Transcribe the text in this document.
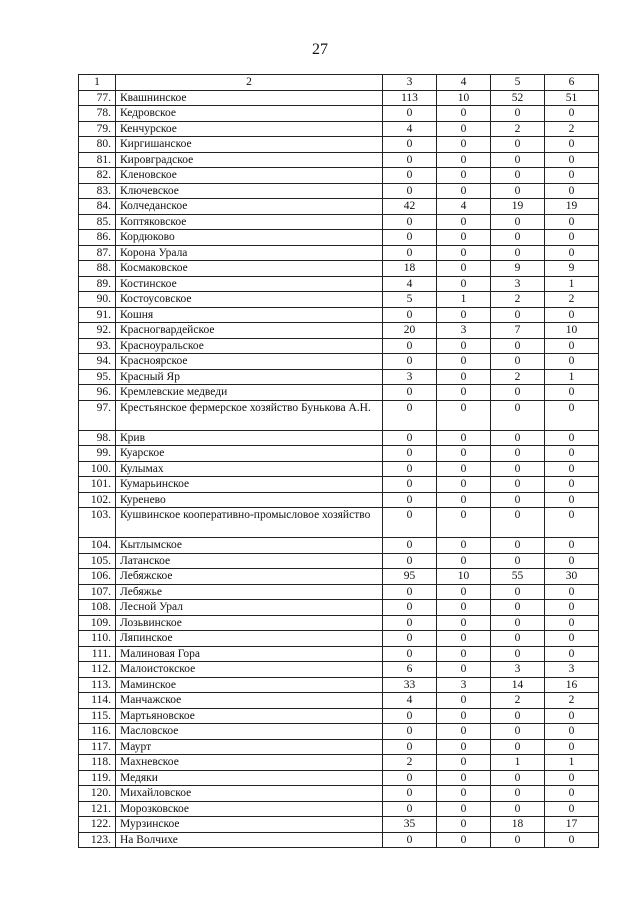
27
1	2	3	4	5	6
77.	Квашнинское	113	10	52	51
78.	Кедровское	0	0	0	0
79.	Кенчурское	4	0	2	2
80.	Киргишанское	0	0	0	0
81.	Кировградское	0	0	0	0
82.	Кленовское	0	0	0	0
83.	Ключевское	0	0	0	0
84.	Колчеданское	42	4	19	19
85.	Коптяковское	0	0	0	0
86.	Кордюково	0	0	0	0
87.	Корона Урала	0	0	0	0
88.	Космаковское	18	0	9	9
89.	Костинское	4	0	3	1
90.	Костоусовское	5	1	2	2
91.	Кошня	0	0	0	0
92.	Красногвардейское	20	3	7	10
93.	Красноуральское	0	0	0	0
94.	Красноярское	0	0	0	0
95.	Красный Яр	3	0	2	1
96.	Кремлевские медведи	0	0	0	0
97.	Крестьянское фермерское хозяйство Бунькова А.Н.	0	0	0	0
98.	Крив	0	0	0	0
99.	Куарское	0	0	0	0
100.	Кулымах	0	0	0	0
101.	Кумарьинское	0	0	0	0
102.	Куренево	0	0	0	0
103.	Кушвинское кооперативно-промысловое хозяйство	0	0	0	0
104.	Кытлымское	0	0	0	0
105.	Латанское	0	0	0	0
106.	Лебяжское	95	10	55	30
107.	Лебяжье	0	0	0	0
108.	Лесной Урал	0	0	0	0
109.	Лозьвинское	0	0	0	0
110.	Ляпинское	0	0	0	0
111.	Малиновая Гора	0	0	0	0
112.	Малоистокское	6	0	3	3
113.	Маминское	33	3	14	16
114.	Манчажское	4	0	2	2
115.	Мартьяновское	0	0	0	0
116.	Масловское	0	0	0	0
117.	Маурт	0	0	0	0
118.	Махневское	2	0	1	1
119.	Медяки	0	0	0	0
120.	Михайловское	0	0	0	0
121.	Морозковское	0	0	0	0
122.	Мурзинское	35	0	18	17
123.	На Волчихе	0	0	0	0
